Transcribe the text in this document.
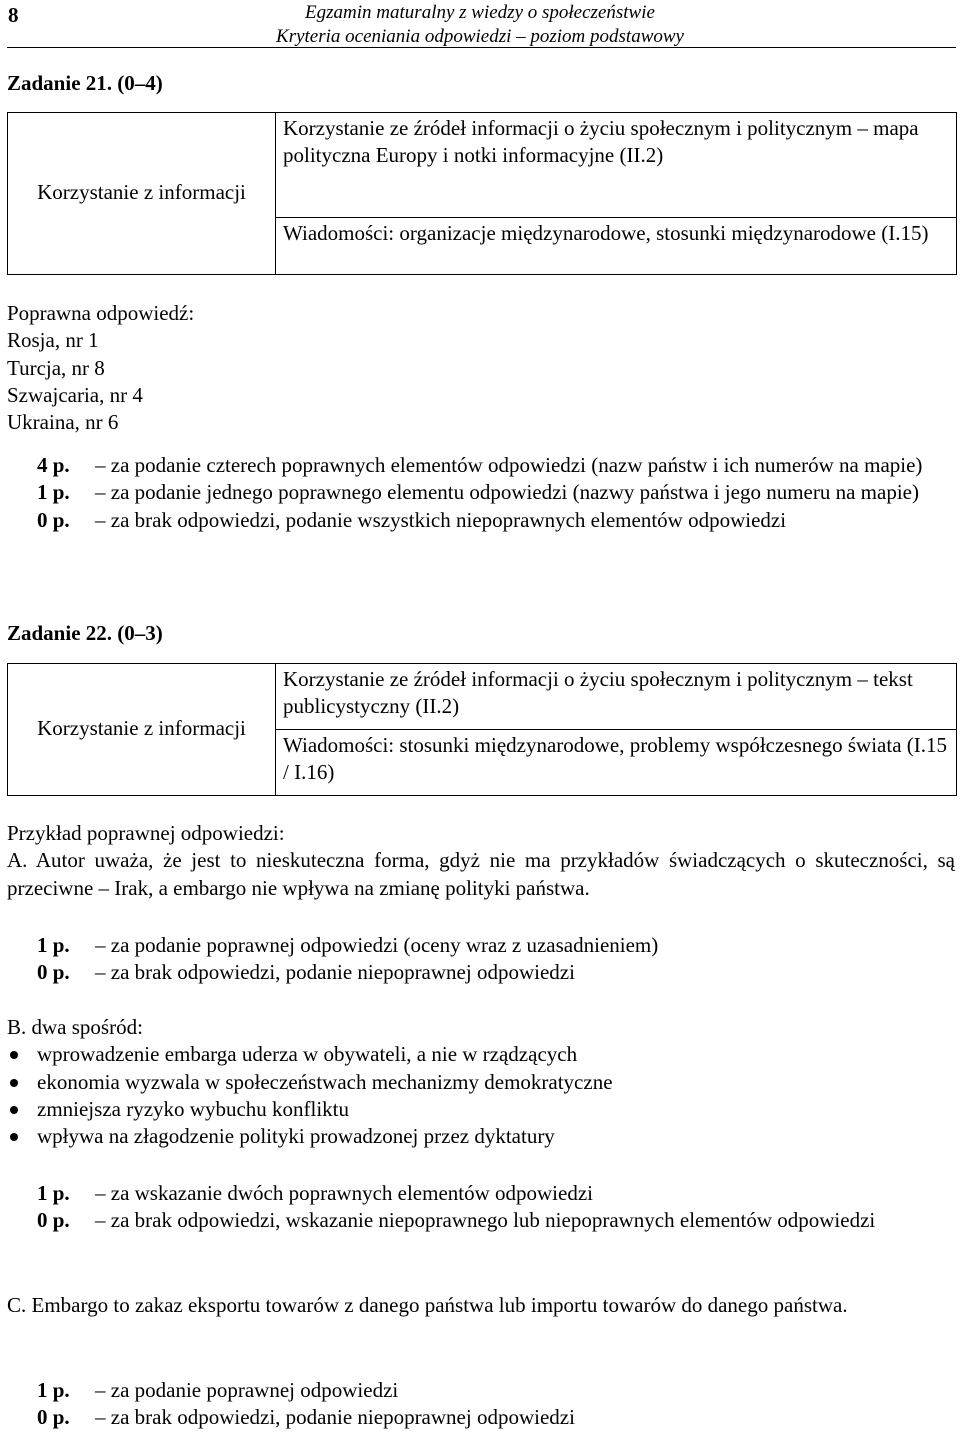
8	Egzamin maturalny z wiedzy o społeczeństwie
Kryteria oceniania odpowiedzi – poziom podstawowy
Zadanie 21. (0–4)
Korzystanie z informacji	Korzystanie ze źródeł informacji o życiu społecznym i politycznym – mapa polityczna Europy i notki informacyjne (II.2)
Wiadomości: organizacje międzynarodowe, stosunki międzynarodowe (I.15)
Poprawna odpowiedź:
Rosja, nr 1
Turcja, nr 8
Szwajcaria, nr 4
Ukraina, nr 6
4 p. – za podanie czterech poprawnych elementów odpowiedzi (nazw państw i ich numerów na mapie)
1 p. – za podanie jednego poprawnego elementu odpowiedzi (nazwy państwa i jego numeru na mapie)
0 p. – za brak odpowiedzi, podanie wszystkich niepoprawnych elementów odpowiedzi
Zadanie 22. (0–3)
Korzystanie z informacji	Korzystanie ze źródeł informacji o życiu społecznym i politycznym – tekst publicystyczny (II.2)
Wiadomości: stosunki międzynarodowe, problemy współczesnego świata (I.15 / I.16)
Przykład poprawnej odpowiedzi:
A. Autor uważa, że jest to nieskuteczna forma, gdyż nie ma przykładów świadczących o skuteczności, są przeciwne – Irak, a embargo nie wpływa na zmianę polityki państwa.
1 p. – za podanie poprawnej odpowiedzi (oceny wraz z uzasadnieniem)
0 p. – za brak odpowiedzi, podanie niepoprawnej odpowiedzi
B. dwa spośród:
wprowadzenie embarga uderza w obywateli, a nie w rządzących
ekonomia wyzwala w społeczeństwach mechanizmy demokratyczne
zmniejsza ryzyko wybuchu konfliktu
wpływa na złagodzenie polityki prowadzonej przez dyktatury
1 p. – za wskazanie dwóch poprawnych elementów odpowiedzi
0 p. – za brak odpowiedzi, wskazanie niepoprawnego lub niepoprawnych elementów odpowiedzi
C. Embargo to zakaz eksportu towarów z danego państwa lub importu towarów do danego państwa.
1 p. – za podanie poprawnej odpowiedzi
0 p. – za brak odpowiedzi, podanie niepoprawnej odpowiedzi
